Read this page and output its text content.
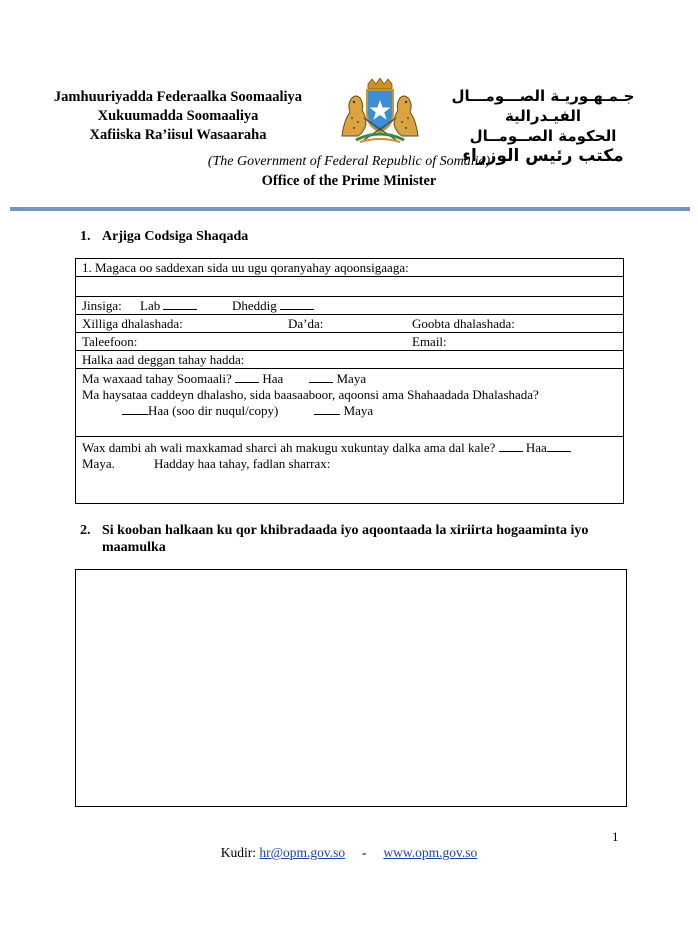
Jamhuuriyadda Federaalka Soomaaliya
Xukuumadda Soomaaliya
Xafiiska Ra’iisul Wasaaraha
جـمـهـوريـة الصـــومـــال الفيـدرالية
الحكومة الصــومــال
مكتب رئيس الوزراء
(The Government of Federal Republic of Somalia)
Office of the Prime Minister
1. Arjiga Codsiga Shaqada
1. Magaca oo saddexan sida uu ugu qoranyahay aqoonsigaaga:
Jinsiga: Lab	Dheddig
Xilliga dhalashada:	Da’da:	Goobta dhalashada:
Taleefoon:	Email:
Halka aad deggan tahay hadda:
Ma waxaad tahay Soomaali? Haa	Maya
Ma haysataa caddeyn dhalasho, sida baasaaboor, aqoonsi ama Shahaadada Dhalashada?
Haa (soo dir nuqul/copy)	Maya
Wax dambi ah wali maxkamad sharci ah makugu xukuntay dalka ama dal kale? Haa
Maya.	Hadday haa tahay, fadlan sharrax:
2. Si kooban halkaan ku qor khibradaada iyo aqoontaada la xiriirta hogaaminta iyo maamulka
1
Kudir: hr@opm.gov.so - www.opm.gov.so
